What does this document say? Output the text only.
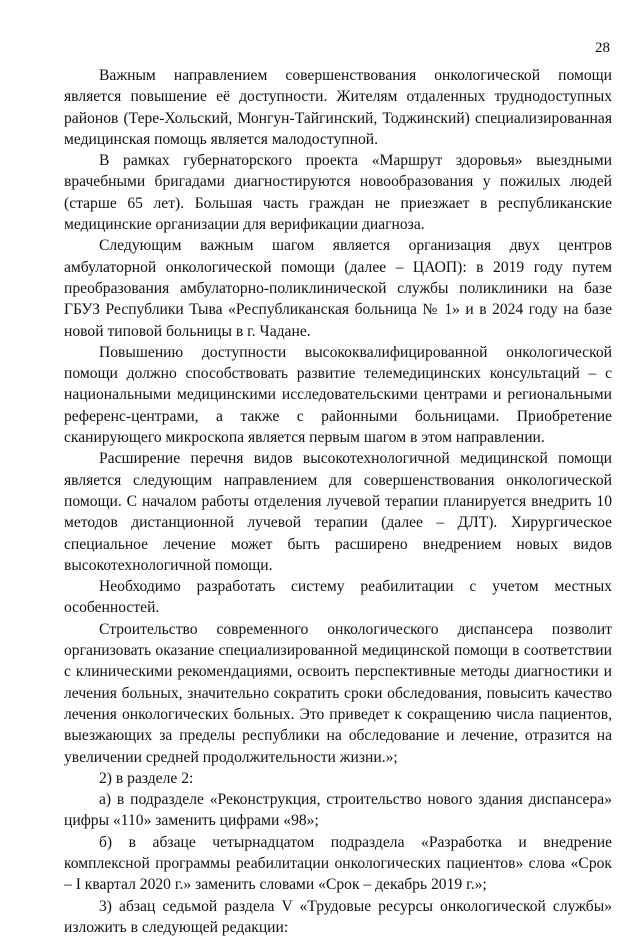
28

Важным направлением совершенствования онкологической помощи является повышение её доступности. Жителям отдаленных труднодоступных районов (Тере-Хольский, Монгун-Тайгинский, Тоджинский) специализированная медицинская помощь является малодоступной.

В рамках губернаторского проекта «Маршрут здоровья» выездными врачебными бригадами диагностируются новообразования у пожилых людей (старше 65 лет). Большая часть граждан не приезжает в республиканские медицинские организации для верификации диагноза.

Следующим важным шагом является организация двух центров амбулаторной онкологической помощи (далее – ЦАОП): в 2019 году путем преобразования амбулаторно-поликлинической службы поликлиники на базе ГБУЗ Республики Тыва «Республиканская больница № 1» и в 2024 году на базе новой типовой больницы в г. Чадане.

Повышению доступности высококвалифицированной онкологической помощи должно способствовать развитие телемедицинских консультаций – с национальными медицинскими исследовательскими центрами и региональными референс-центрами, а также с районными больницами. Приобретение сканирующего микроскопа является первым шагом в этом направлении.

Расширение перечня видов высокотехнологичной медицинской помощи является следующим направлением для совершенствования онкологической помощи. С началом работы отделения лучевой терапии планируется внедрить 10 методов дистанционной лучевой терапии (далее – ДЛТ). Хирургическое специальное лечение может быть расширено внедрением новых видов высокотехнологичной помощи.

Необходимо разработать систему реабилитации с учетом местных особенностей.

Строительство современного онкологического диспансера позволит организовать оказание специализированной медицинской помощи в соответствии с клиническими рекомендациями, освоить перспективные методы диагностики и лечения больных, значительно сократить сроки обследования, повысить качество лечения онкологических больных. Это приведет к сокращению числа пациентов, выезжающих за пределы республики на обследование и лечение, отразится на увеличении средней продолжительности жизни.»;

2) в разделе 2:

а) в подразделе «Реконструкция, строительство нового здания диспансера» цифры «110» заменить цифрами «98»;

б) в абзаце четырнадцатом подраздела «Разработка и внедрение комплексной программы реабилитации онкологических пациентов» слова «Срок – I квартал 2020 г.» заменить словами «Срок – декабрь 2019 г.»;

3) абзац седьмой раздела V «Трудовые ресурсы онкологической службы» изложить в следующей редакции:
